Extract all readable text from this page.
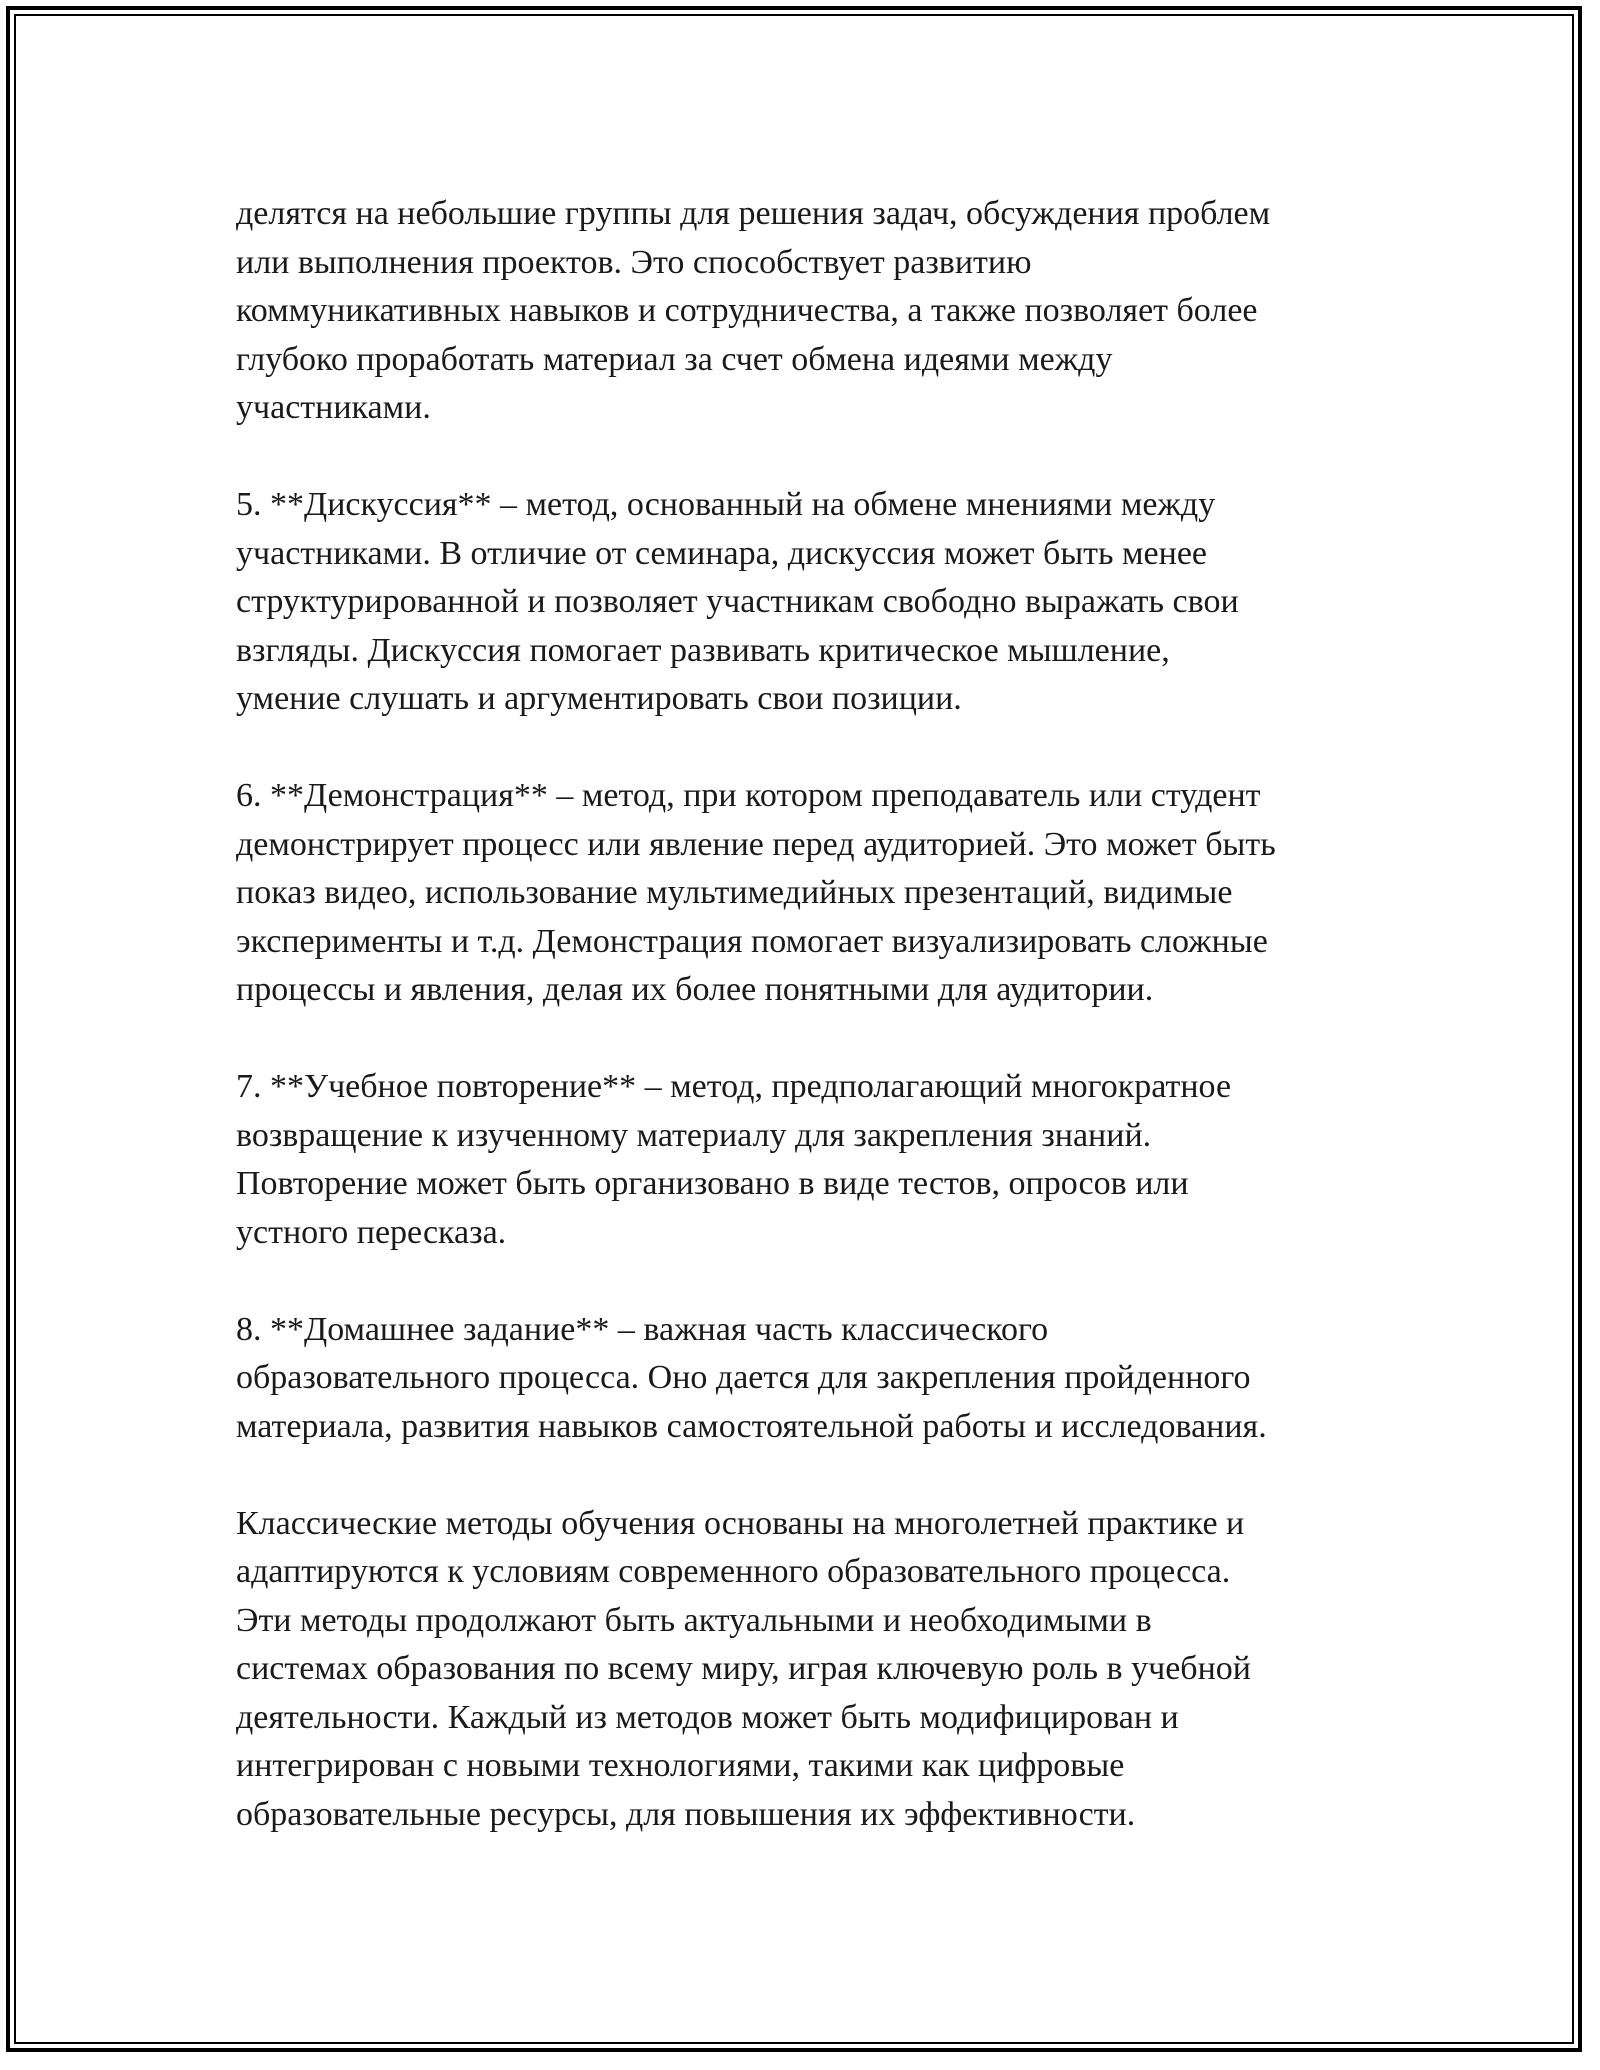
делятся на небольшие группы для решения задач, обсуждения проблем
или выполнения проектов. Это способствует развитию
коммуникативных навыков и сотрудничества, а также позволяет более
глубоко проработать материал за счет обмена идеями между
участниками.

5. **Дискуссия** – метод, основанный на обмене мнениями между
участниками. В отличие от семинара, дискуссия может быть менее
структурированной и позволяет участникам свободно выражать свои
взгляды. Дискуссия помогает развивать критическое мышление,
умение слушать и аргументировать свои позиции.

6. **Демонстрация** – метод, при котором преподаватель или студент
демонстрирует процесс или явление перед аудиторией. Это может быть
показ видео, использование мультимедийных презентаций, видимые
эксперименты и т.д. Демонстрация помогает визуализировать сложные
процессы и явления, делая их более понятными для аудитории.

7. **Учебное повторение** – метод, предполагающий многократное
возвращение к изученному материалу для закрепления знаний.
Повторение может быть организовано в виде тестов, опросов или
устного пересказа.

8. **Домашнее задание** – важная часть классического
образовательного процесса. Оно дается для закрепления пройденного
материала, развития навыков самостоятельной работы и исследования.

Классические методы обучения основаны на многолетней практике и
адаптируются к условиям современного образовательного процесса.
Эти методы продолжают быть актуальными и необходимыми в
системах образования по всему миру, играя ключевую роль в учебной
деятельности. Каждый из методов может быть модифицирован и
интегрирован с новыми технологиями, такими как цифровые
образовательные ресурсы, для повышения их эффективности.
